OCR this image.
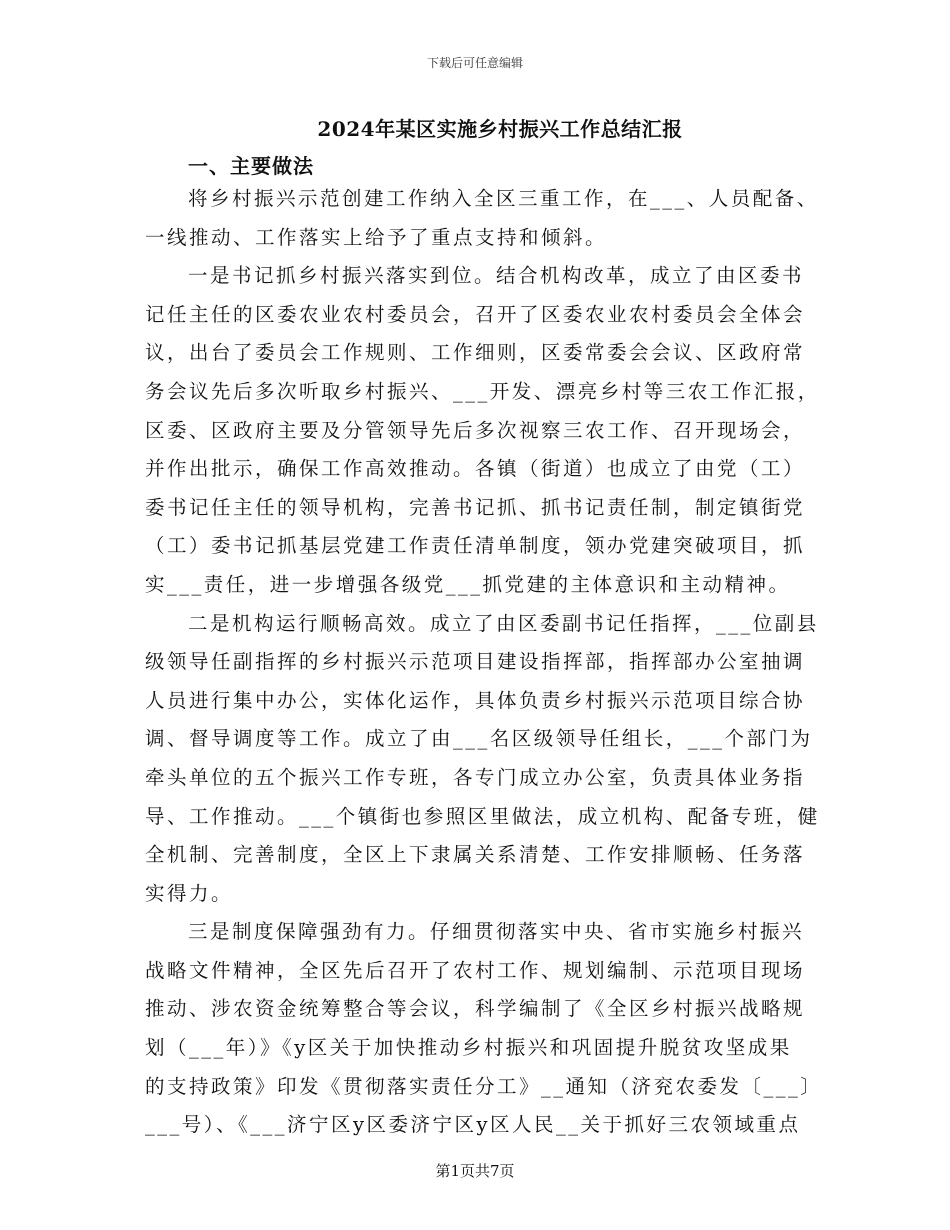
下载后可任意编辑
2024年某区实施乡村振兴工作总结汇报
一、主要做法
将乡村振兴示范创建工作纳入全区三重工作，在___、人员配备、
一线推动、工作落实上给予了重点支持和倾斜。
一是书记抓乡村振兴落实到位。结合机构改革，成立了由区委书
记任主任的区委农业农村委员会，召开了区委农业农村委员会全体会
议，出台了委员会工作规则、工作细则，区委常委会会议、区政府常
务会议先后多次听取乡村振兴、___开发、漂亮乡村等三农工作汇报，
区委、区政府主要及分管领导先后多次视察三农工作、召开现场会，
并作出批示，确保工作高效推动。各镇（街道）也成立了由党（工）
委书记任主任的领导机构，完善书记抓、抓书记责任制，制定镇街党
（工）委书记抓基层党建工作责任清单制度，领办党建突破项目，抓
实___责任，进一步增强各级党___抓党建的主体意识和主动精神。
二是机构运行顺畅高效。成立了由区委副书记任指挥，___位副县
级领导任副指挥的乡村振兴示范项目建设指挥部，指挥部办公室抽调
人员进行集中办公，实体化运作，具体负责乡村振兴示范项目综合协
调、督导调度等工作。成立了由___名区级领导任组长，___个部门为
牵头单位的五个振兴工作专班，各专门成立办公室，负责具体业务指
导、工作推动。___个镇街也参照区里做法，成立机构、配备专班，健
全机制、完善制度，全区上下隶属关系清楚、工作安排顺畅、任务落
实得力。
三是制度保障强劲有力。仔细贯彻落实中央、省市实施乡村振兴
战略文件精神，全区先后召开了农村工作、规划编制、示范项目现场
推动、涉农资金统筹整合等会议，科学编制了《全区乡村振兴战略规
划（___年）》《y区关于加快推动乡村振兴和巩固提升脱贫攻坚成果
的支持政策》印发《贯彻落实责任分工》__通知（济兖农委发〔___〕
___号）、《___济宁区y区委济宁区y区人民__关于抓好三农领域重点
第1页共7页
